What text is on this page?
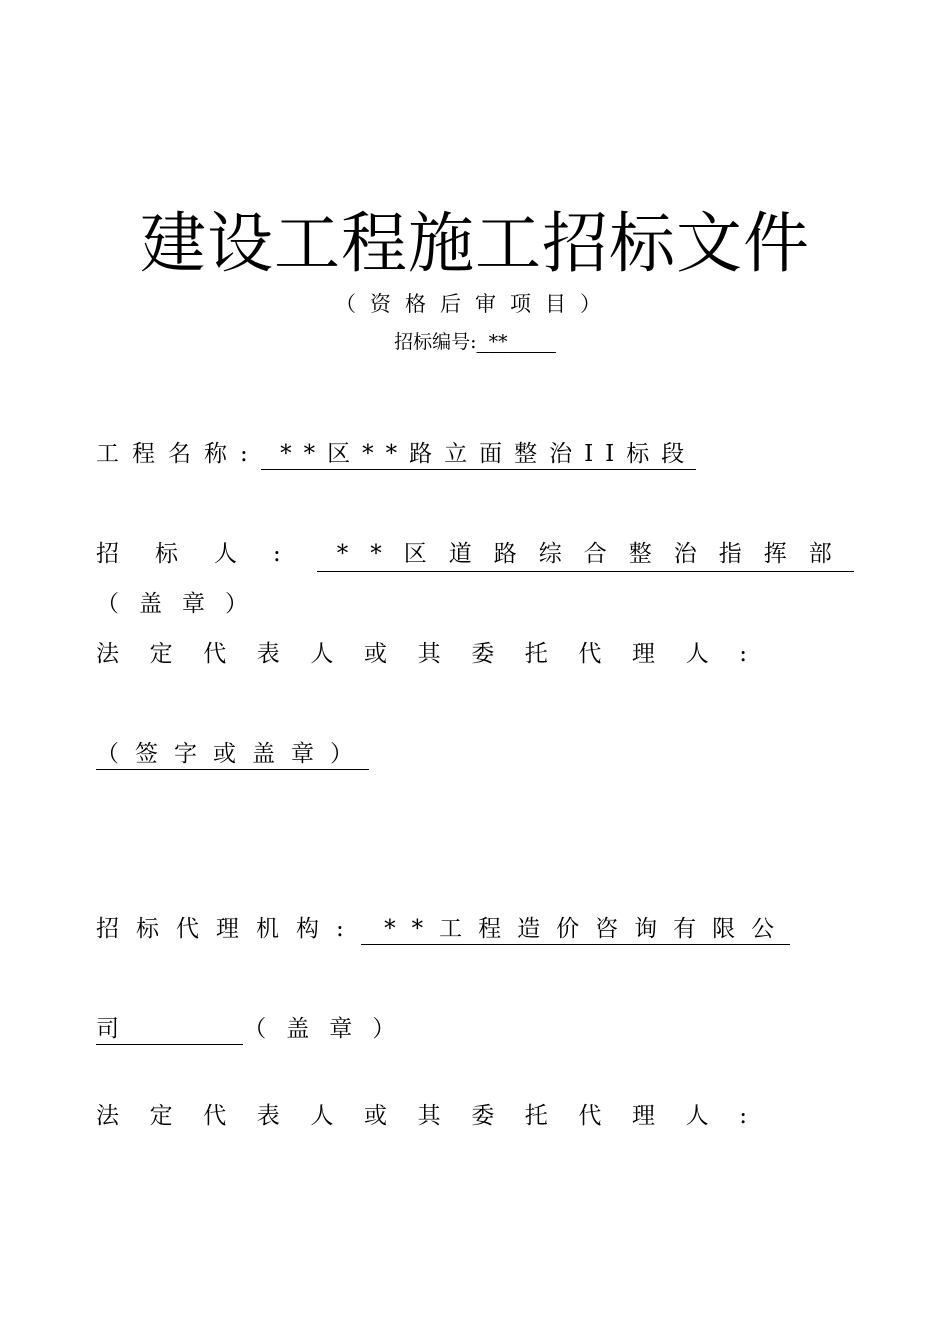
建设工程施工招标文件
（资格后审项目）
招标编号: **
工程名称: **区**路立面整治II标段
招标人: **区道路综合整治指挥部
（盖章）
法定代表人或其委托代理人:
（签字或盖章）
招标代理机构: **工程造价咨询有限公
司	（盖章）
法定代表人或其委托代理人:
